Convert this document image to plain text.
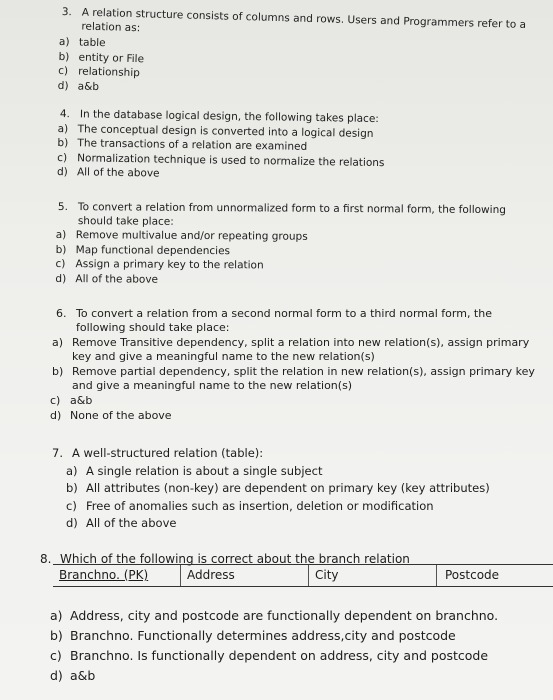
3. A relation structure consists of columns and rows. Users and Programmers refer to a relation as:
a) table
b) entity or File
c) relationship
d) a&b
4. In the database logical design, the following takes place:
a) The conceptual design is converted into a logical design
b) The transactions of a relation are examined
c) Normalization technique is used to normalize the relations
d) All of the above
5. To convert a relation from unnormalized form to a first normal form, the following should take place:
a) Remove multivalue and/or repeating groups
b) Map functional dependencies
c) Assign a primary key to the relation
d) All of the above
6. To convert a relation from a second normal form to a third normal form, the following should take place:
a) Remove Transitive dependency, split a relation into new relation(s), assign primary key and give a meaningful name to the new relation(s)
b) Remove partial dependency, split the relation in new relation(s), assign primary key and give a meaningful name to the new relation(s)
c) a&b
d) None of the above
7. A well-structured relation (table):
a) A single relation is about a single subject
b) All attributes (non-key) are dependent on primary key (key attributes)
c) Free of anomalies such as insertion, deletion or modification
d) All of the above
8. Which of the following is correct about the branch relation
Branchno. (PK)	Address	City	Postcode
a) Address, city and postcode are functionally dependent on branchno.
b) Branchno. Functionally determines address,city and postcode
c) Branchno. Is functionally dependent on address, city and postcode
d) a&b
